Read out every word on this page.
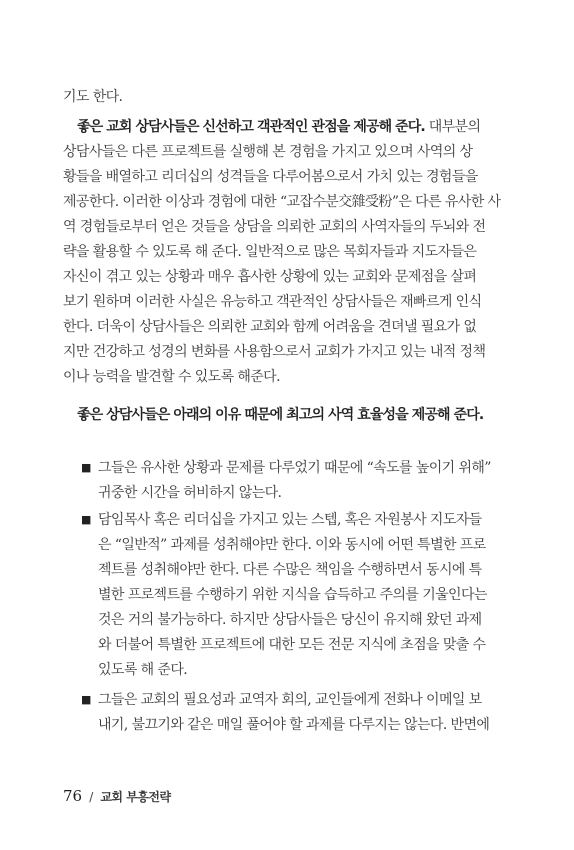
기도 한다.
좋은 교회 상담사들은 신선하고 객관적인 관점을 제공해 준다. 대부분의
상담사들은 다른 프로젝트를 실행해 본 경험을 가지고 있으며 사역의 상
황들을 배열하고 리더십의 성격들을 다루어봄으로서 가치 있는 경험들을
제공한다. 이러한 이상과 경험에 대한 “교잡수분交雜受粉”은 다른 유사한 사
역 경험들로부터 얻은 것들을 상담을 의뢰한 교회의 사역자들의 두뇌와 전
략을 활용할 수 있도록 해 준다. 일반적으로 많은 목회자들과 지도자들은
자신이 겪고 있는 상황과 매우 흡사한 상황에 있는 교회와 문제점을 살펴
보기 원하며 이러한 사실은 유능하고 객관적인 상담사들은 재빠르게 인식
한다. 더욱이 상담사들은 의뢰한 교회와 함께 어려움을 견뎌낼 필요가 없
지만 건강하고 성경의 변화를 사용함으로서 교회가 가지고 있는 내적 정책
이나 능력을 발견할 수 있도록 해준다.
좋은 상담사들은 아래의 이유 때문에 최고의 사역 효율성을 제공해 준다.
■ 그들은 유사한 상황과 문제를 다루었기 때문에 “속도를 높이기 위해”
귀중한 시간을 허비하지 않는다.
■ 담임목사 혹은 리더십을 가지고 있는 스텝, 혹은 자원봉사 지도자들
은 “일반적” 과제를 성취해야만 한다. 이와 동시에 어떤 특별한 프로
젝트를 성취해야만 한다. 다른 수많은 책임을 수행하면서 동시에 특
별한 프로젝트를 수행하기 위한 지식을 습득하고 주의를 기울인다는
것은 거의 불가능하다. 하지만 상담사들은 당신이 유지해 왔던 과제
와 더불어 특별한 프로젝트에 대한 모든 전문 지식에 초점을 맞출 수
있도록 해 준다.
■ 그들은 교회의 필요성과 교역자 회의, 교인들에게 전화나 이메일 보
내기, 불끄기와 같은 매일 풀어야 할 과제를 다루지는 않는다. 반면에
76 / 교회 부흥전략
